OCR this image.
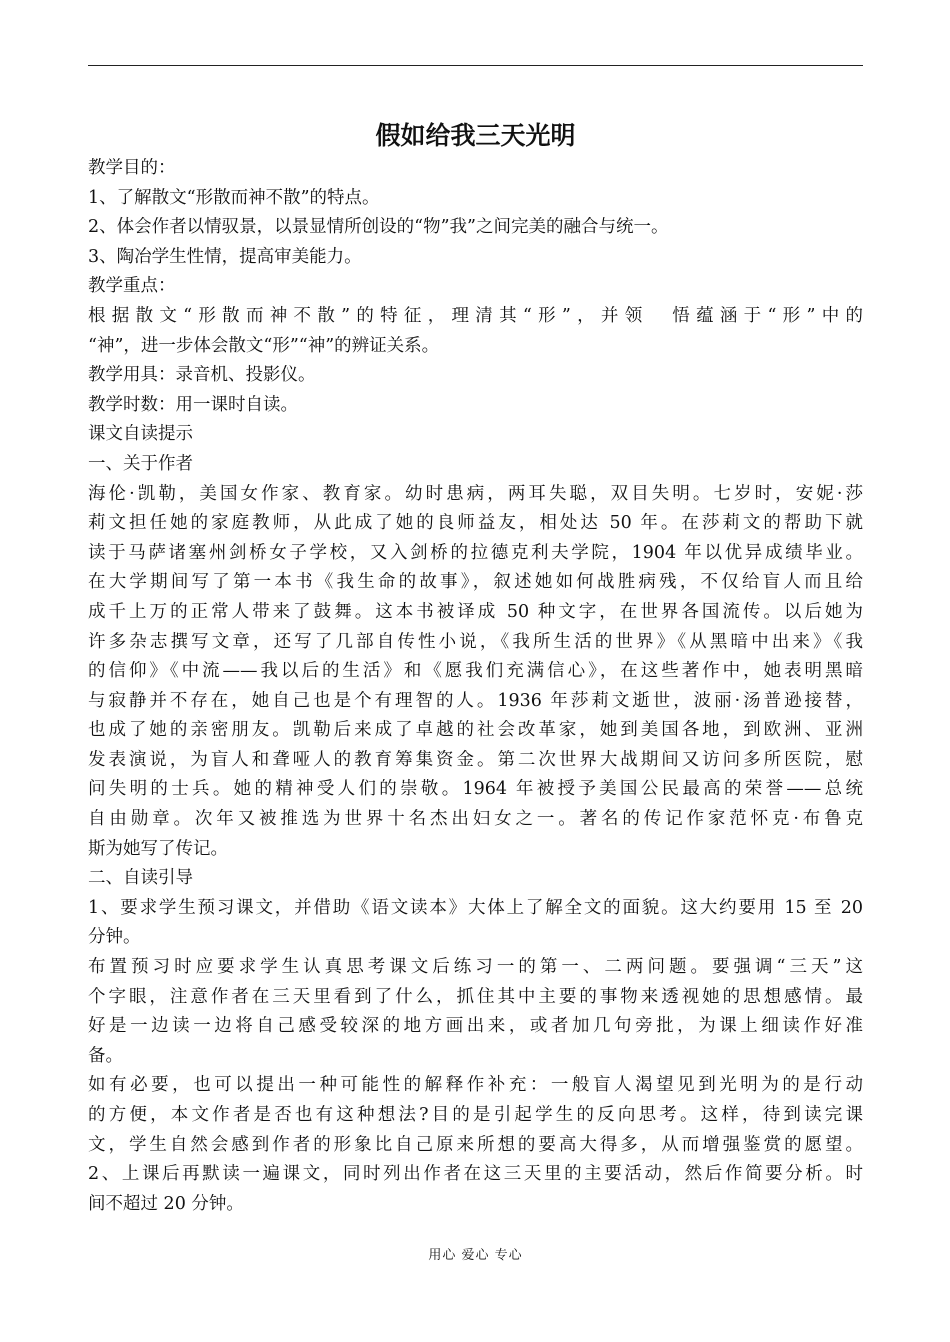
假如给我三天光明
教学目的：
1、了解散文“形散而神不散”的特点。
2、体会作者以情驭景，以景显情所创设的“物”我”之间完美的融合与统一。
3、陶冶学生性情，提高审美能力。
教学重点：
根据散文“形散而神不散”的特征，理清其“形”，并领　悟蕴涵于“形”中的
“神”，进一步体会散文“形”“神”的辨证关系。
教学用具：录音机、投影仪。
教学时数：用一课时自读。
课文自读提示
一、关于作者
海伦·凯勒，美国女作家、教育家。幼时患病，两耳失聪，双目失明。七岁时，安妮·莎
莉文担任她的家庭教师，从此成了她的良师益友，相处达 50 年。在莎莉文的帮助下就
读于马萨诸塞州剑桥女子学校，又入剑桥的拉德克利夫学院，1904 年以优异成绩毕业。
在大学期间写了第一本书《我生命的故事》，叙述她如何战胜病残，不仅给盲人而且给
成千上万的正常人带来了鼓舞。这本书被译成 50 种文字，在世界各国流传。以后她为
许多杂志撰写文章，还写了几部自传性小说，《我所生活的世界》《从黑暗中出来》《我
的信仰》《中流——我以后的生活》和《愿我们充满信心》，在这些著作中，她表明黑暗
与寂静并不存在，她自己也是个有理智的人。1936 年莎莉文逝世，波丽·汤普逊接替，
也成了她的亲密朋友。凯勒后来成了卓越的社会改革家，她到美国各地，到欧洲、亚洲
发表演说，为盲人和聋哑人的教育筹集资金。第二次世界大战期间又访问多所医院，慰
问失明的士兵。她的精神受人们的崇敬。1964 年被授予美国公民最高的荣誉——总统
自由勋章。次年又被推选为世界十名杰出妇女之一。著名的传记作家范怀克·布鲁克
斯为她写了传记。
二、自读引导
1、要求学生预习课文，并借助《语文读本》大体上了解全文的面貌。这大约要用 15 至 20
分钟。
布置预习时应要求学生认真思考课文后练习一的第一、二两问题。要强调“三天”这
个字眼，注意作者在三天里看到了什么，抓住其中主要的事物来透视她的思想感情。最
好是一边读一边将自己感受较深的地方画出来，或者加几句旁批，为课上细读作好准
备。
如有必要，也可以提出一种可能性的解释作补充：一般盲人渴望见到光明为的是行动
的方便，本文作者是否也有这种想法?目的是引起学生的反向思考。这样，待到读完课
文，学生自然会感到作者的形象比自己原来所想的要高大得多，从而增强鉴赏的愿望。
2、上课后再默读一遍课文，同时列出作者在这三天里的主要活动，然后作简要分析。时
间不超过 20 分钟。
用心 爱心 专心
